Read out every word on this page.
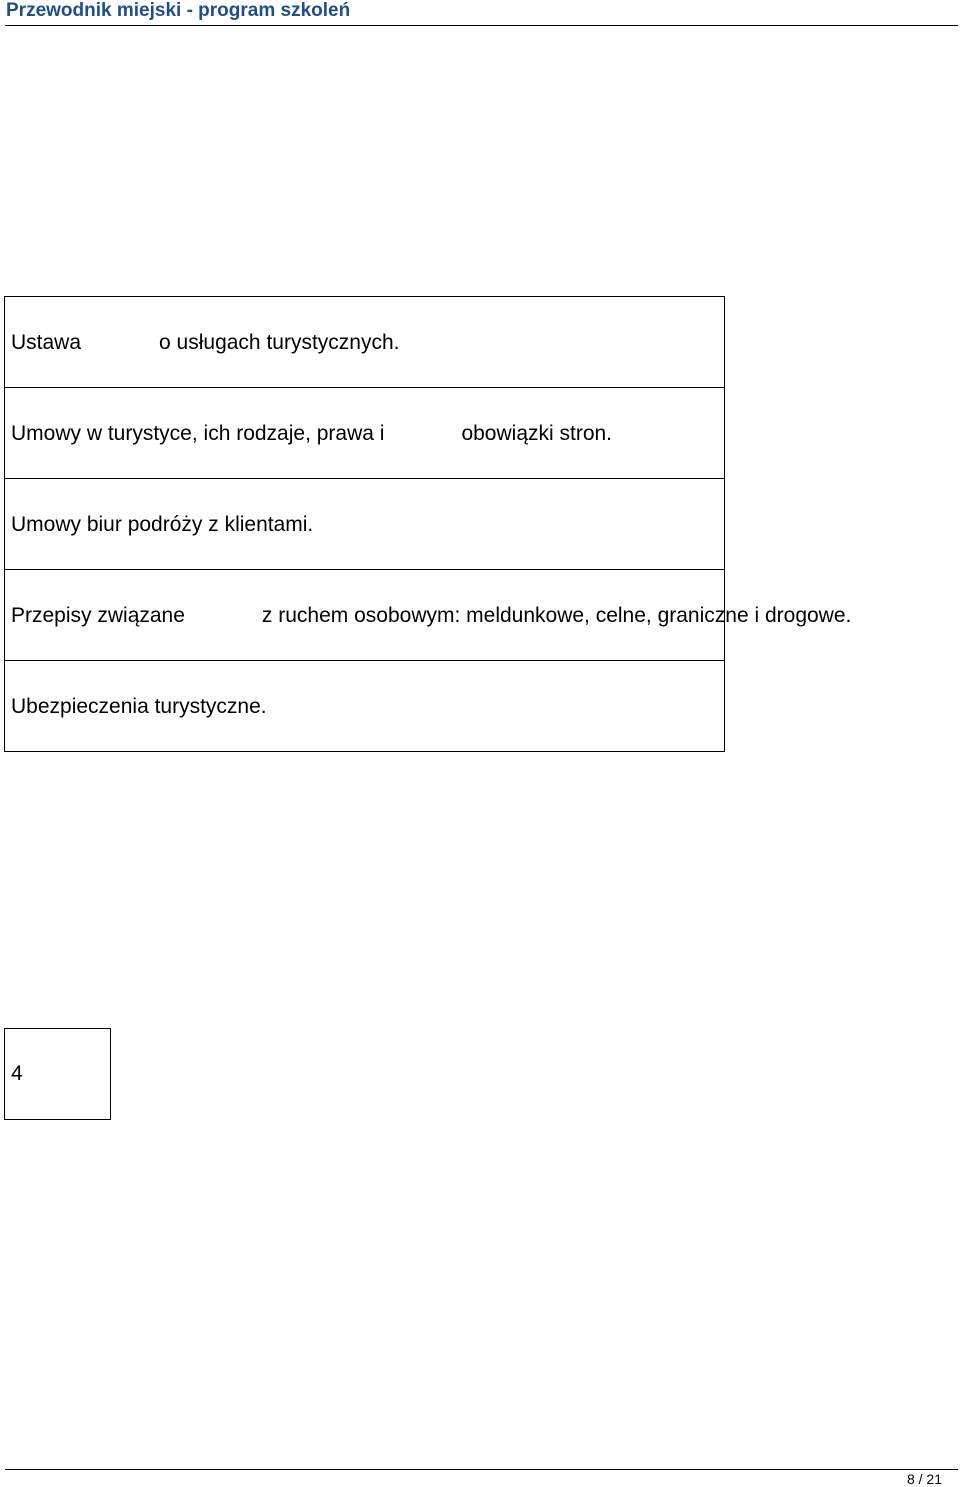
Przewodnik miejski - program szkoleń
Ustawa	o usługach turystycznych.
Umowy w turystyce, ich rodzaje, prawa i	obowiązki stron.
Umowy biur podróży z klientami.
Przepisy związane	z ruchem osobowym: meldunkowe, celne, graniczne i drogowe.
Ubezpieczenia turystyczne.
4
8 / 21
